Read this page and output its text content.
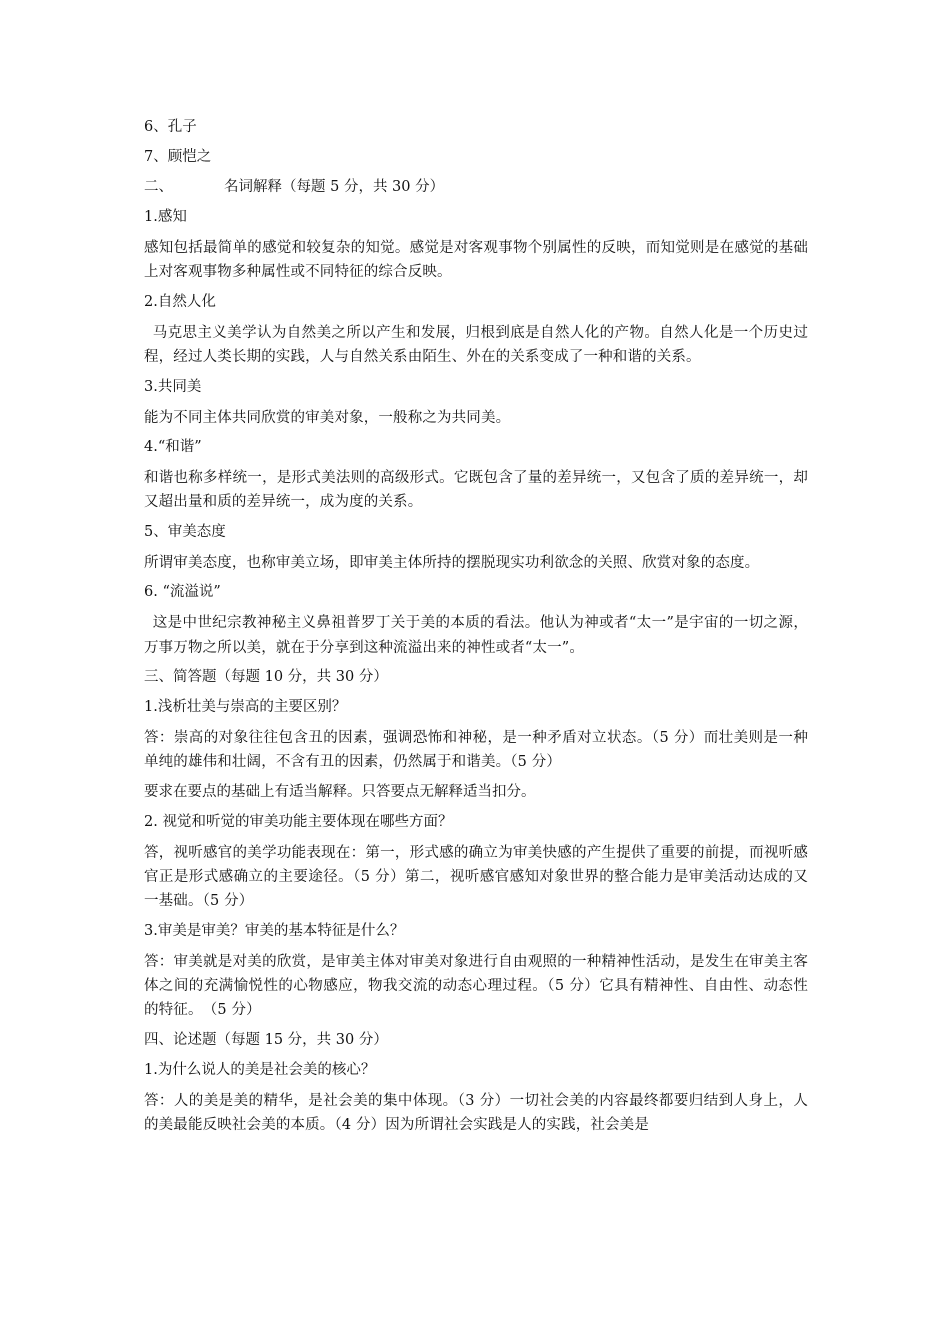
6、孔子

7、顾恺之

二、	名词解释（每题 5 分，共 30 分）

1.感知

感知包括最简单的感觉和较复杂的知觉。感觉是对客观事物个别属性的反映，而知觉则是在感觉的基础上对客观事物多种属性或不同特征的综合反映。

2.自然人化

马克思主义美学认为自然美之所以产生和发展，归根到底是自然人化的产物。自然人化是一个历史过程，经过人类长期的实践，人与自然关系由陌生、外在的关系变成了一种和谐的关系。

3.共同美

能为不同主体共同欣赏的审美对象，一般称之为共同美。

4.“和谐”

和谐也称多样统一，是形式美法则的高级形式。它既包含了量的差异统一，又包含了质的差异统一，却又超出量和质的差异统一，成为度的关系。

5、审美态度

所谓审美态度，也称审美立场，即审美主体所持的摆脱现实功利欲念的关照、欣赏对象的态度。

6. “流溢说”

这是中世纪宗教神秘主义鼻祖普罗丁关于美的本质的看法。他认为神或者“太一”是宇宙的一切之源，万事万物之所以美，就在于分享到这种流溢出来的神性或者“太一”。

三、简答题（每题 10 分，共 30 分）

1.浅析壮美与崇高的主要区别？

答：崇高的对象往往包含丑的因素，强调恐怖和神秘，是一种矛盾对立状态。（5 分）而壮美则是一种单纯的雄伟和壮阔，不含有丑的因素，仍然属于和谐美。（5 分）

要求在要点的基础上有适当解释。只答要点无解释适当扣分。

2. 视觉和听觉的审美功能主要体现在哪些方面？

答，视听感官的美学功能表现在：第一，形式感的确立为审美快感的产生提供了重要的前提，而视听感官正是形式感确立的主要途径。（5 分）第二，视听感官感知对象世界的整合能力是审美活动达成的又一基础。（5 分）

3.审美是审美？审美的基本特征是什么？

答：审美就是对美的欣赏，是审美主体对审美对象进行自由观照的一种精神性活动，是发生在审美主客体之间的充满愉悦性的心物感应，物我交流的动态心理过程。（5 分）它具有精神性、自由性、动态性的特征。　（5 分）

四、论述题（每题 15 分，共 30 分）

1.为什么说人的美是社会美的核心？

答：人的美是美的精华，是社会美的集中体现。（3 分）一切社会美的内容最终都要归结到人身上，人的美最能反映社会美的本质。（4 分）因为所谓社会实践是人的实践，社会美是
